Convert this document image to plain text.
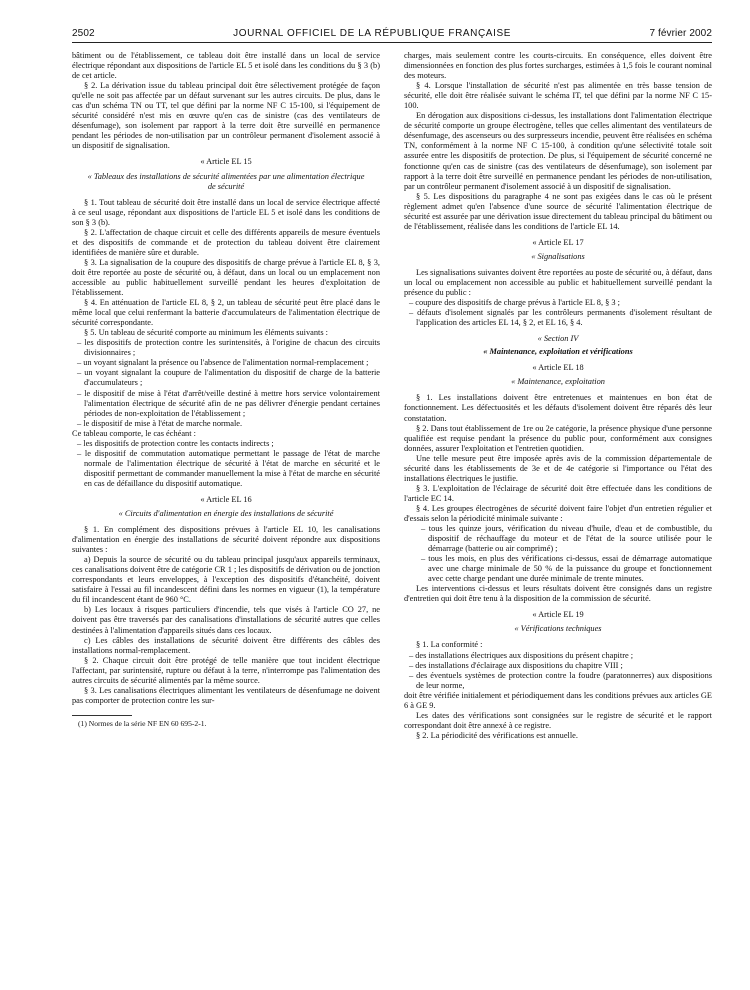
2502	JOURNAL OFFICIEL DE LA RÉPUBLIQUE FRANÇAISE	7 février 2002

bâtiment ou de l'établissement, ce tableau doit être installé dans un local de service électrique répondant aux dispositions de l'article EL 5 et isolé dans les conditions du § 3 (b) de cet article.

§ 2. La dérivation issue du tableau principal doit être sélectivement protégée de façon qu'elle ne soit pas affectée par un défaut survenant sur les autres circuits. De plus, dans le cas d'un schéma TN ou TT, tel que défini par la norme NF C 15-100, si l'équipement de sécurité considéré n'est mis en œuvre qu'en cas de sinistre (cas des ventilateurs de désenfumage), son isolement par rapport à la terre doit être surveillé en permanence pendant les périodes de non-utilisation par un contrôleur permanent d'isolement associé à un dispositif de signalisation.

« Article EL 15

« Tableaux des installations de sécurité alimentées par une alimentation électrique de sécurité

§ 1. Tout tableau de sécurité doit être installé dans un local de service électrique affecté à ce seul usage, répondant aux dispositions de l'article EL 5 et isolé dans les conditions de son § 3 (b).

§ 2. L'affectation de chaque circuit et celle des différents appareils de mesure éventuels et des dispositifs de commande et de protection du tableau doivent être clairement identifiées de manière sûre et durable.

§ 3. La signalisation de la coupure des dispositifs de charge prévue à l'article EL 8, § 3, doit être reportée au poste de sécurité ou, à défaut, dans un local ou un emplacement non accessible au public habituellement surveillé pendant les heures d'exploitation de l'établissement.

§ 4. En atténuation de l'article EL 8, § 2, un tableau de sécurité peut être placé dans le même local que celui renfermant la batterie d'accumulateurs de l'alimentation électrique de sécurité correspondante.

§ 5. Un tableau de sécurité comporte au minimum les éléments suivants :

– les dispositifs de protection contre les surintensités, à l'origine de chacun des circuits divisionnaires ;
– un voyant signalant la présence ou l'absence de l'alimentation normal-remplacement ;
– un voyant signalant la coupure de l'alimentation du dispositif de charge de la batterie d'accumulateurs ;
– le dispositif de mise à l'état d'arrêt/veille destiné à mettre hors service volontairement l'alimentation électrique de sécurité afin de ne pas délivrer d'énergie pendant certaines périodes de non-exploitation de l'établissement ;
– le dispositif de mise à l'état de marche normale.

Ce tableau comporte, le cas échéant :

– les dispositifs de protection contre les contacts indirects ;
– le dispositif de commutation automatique permettant le passage de l'état de marche normale de l'alimentation électrique de sécurité à l'état de marche en sécurité et le dispositif permettant de commander manuellement la mise à l'état de marche en sécurité en cas de défaillance du dispositif automatique.

« Article EL 16

« Circuits d'alimentation en énergie des installations de sécurité

§ 1. En complément des dispositions prévues à l'article EL 10, les canalisations d'alimentation en énergie des installations de sécurité doivent répondre aux dispositions suivantes :

a) Depuis la source de sécurité ou du tableau principal jusqu'aux appareils terminaux, ces canalisations doivent être de catégorie CR 1 ; les dispositifs de dérivation ou de jonction correspondants et leurs enveloppes, à l'exception des dispositifs d'étanchéité, doivent satisfaire à l'essai au fil incandescent défini dans les normes en vigueur (1), la température du fil incandescent étant de 960 °C.

b) Les locaux à risques particuliers d'incendie, tels que visés à l'article CO 27, ne doivent pas être traversés par des canalisations d'installations de sécurité autres que celles destinées à l'alimentation d'appareils situés dans ces locaux.

c) Les câbles des installations de sécurité doivent être différents des câbles des installations normal-remplacement.

§ 2. Chaque circuit doit être protégé de telle manière que tout incident électrique l'affectant, par surintensité, rupture ou défaut à la terre, n'interrompe pas l'alimentation des autres circuits de sécurité alimentés par la même source.

§ 3. Les canalisations électriques alimentant les ventilateurs de désenfumage ne doivent pas comporter de protection contre les sur-

(1) Normes de la série NF EN 60 695-2-1.

charges, mais seulement contre les courts-circuits. En conséquence, elles doivent être dimensionnées en fonction des plus fortes surcharges, estimées à 1,5 fois le courant nominal des moteurs.

§ 4. Lorsque l'installation de sécurité n'est pas alimentée en très basse tension de sécurité, elle doit être réalisée suivant le schéma IT, tel que défini par la norme NF C 15-100.

En dérogation aux dispositions ci-dessus, les installations dont l'alimentation électrique de sécurité comporte un groupe électrogène, telles que celles alimentant des ventilateurs de désenfumage, des ascenseurs ou des surpresseurs incendie, peuvent être réalisées en schéma TN, conformément à la norme NF C 15-100, à condition qu'une sélectivité totale soit assurée entre les dispositifs de protection. De plus, si l'équipement de sécurité concerné ne fonctionne qu'en cas de sinistre (cas des ventilateurs de désenfumage), son isolement par rapport à la terre doit être surveillé en permanence pendant les périodes de non-utilisation, par un contrôleur permanent d'isolement associé à un dispositif de signalisation.

§ 5. Les dispositions du paragraphe 4 ne sont pas exigées dans le cas où le présent règlement admet qu'en l'absence d'une source de sécurité l'alimentation électrique de sécurité est assurée par une dérivation issue directement du tableau principal du bâtiment ou de l'établissement, réalisée dans les conditions de l'article EL 14.

« Article EL 17

« Signalisations

Les signalisations suivantes doivent être reportées au poste de sécurité ou, à défaut, dans un local ou emplacement non accessible au public et habituellement surveillé pendant la présence du public :

– coupure des dispositifs de charge prévus à l'article EL 8, § 3 ;
– défauts d'isolement signalés par les contrôleurs permanents d'isolement résultant de l'application des articles EL 14, § 2, et EL 16, § 4.

« Section IV

« Maintenance, exploitation et vérifications

« Article EL 18

« Maintenance, exploitation

§ 1. Les installations doivent être entretenues et maintenues en bon état de fonctionnement. Les défectuosités et les défauts d'isolement doivent être réparés dès leur constatation.

§ 2. Dans tout établissement de 1re ou 2e catégorie, la présence physique d'une personne qualifiée est requise pendant la présence du public pour, conformément aux consignes données, assurer l'exploitation et l'entretien quotidien.

Une telle mesure peut être imposée après avis de la commission départementale de sécurité dans les établissements de 3e et de 4e catégorie si l'importance ou l'état des installations électriques le justifie.

§ 3. L'exploitation de l'éclairage de sécurité doit être effectuée dans les conditions de l'article EC 14.

§ 4. Les groupes électrogènes de sécurité doivent faire l'objet d'un entretien régulier et d'essais selon la périodicité minimale suivante :

– tous les quinze jours, vérification du niveau d'huile, d'eau et de combustible, du dispositif de réchauffage du moteur et de l'état de la source utilisée pour le démarrage (batterie ou air comprimé) ;
– tous les mois, en plus des vérifications ci-dessus, essai de démarrage automatique avec une charge minimale de 50 % de la puissance du groupe et fonctionnement avec cette charge pendant une durée minimale de trente minutes.

Les interventions ci-dessus et leurs résultats doivent être consignés dans un registre d'entretien qui doit être tenu à la disposition de la commission de sécurité.

« Article EL 19

« Vérifications techniques

§ 1. La conformité :

– des installations électriques aux dispositions du présent chapitre ;
– des installations d'éclairage aux dispositions du chapitre VIII ;
– des éventuels systèmes de protection contre la foudre (paratonnerres) aux dispositions de leur norme,

doit être vérifiée initialement et périodiquement dans les conditions prévues aux articles GE 6 à GE 9.

Les dates des vérifications sont consignées sur le registre de sécurité et le rapport correspondant doit être annexé à ce registre.

§ 2. La périodicité des vérifications est annuelle.
